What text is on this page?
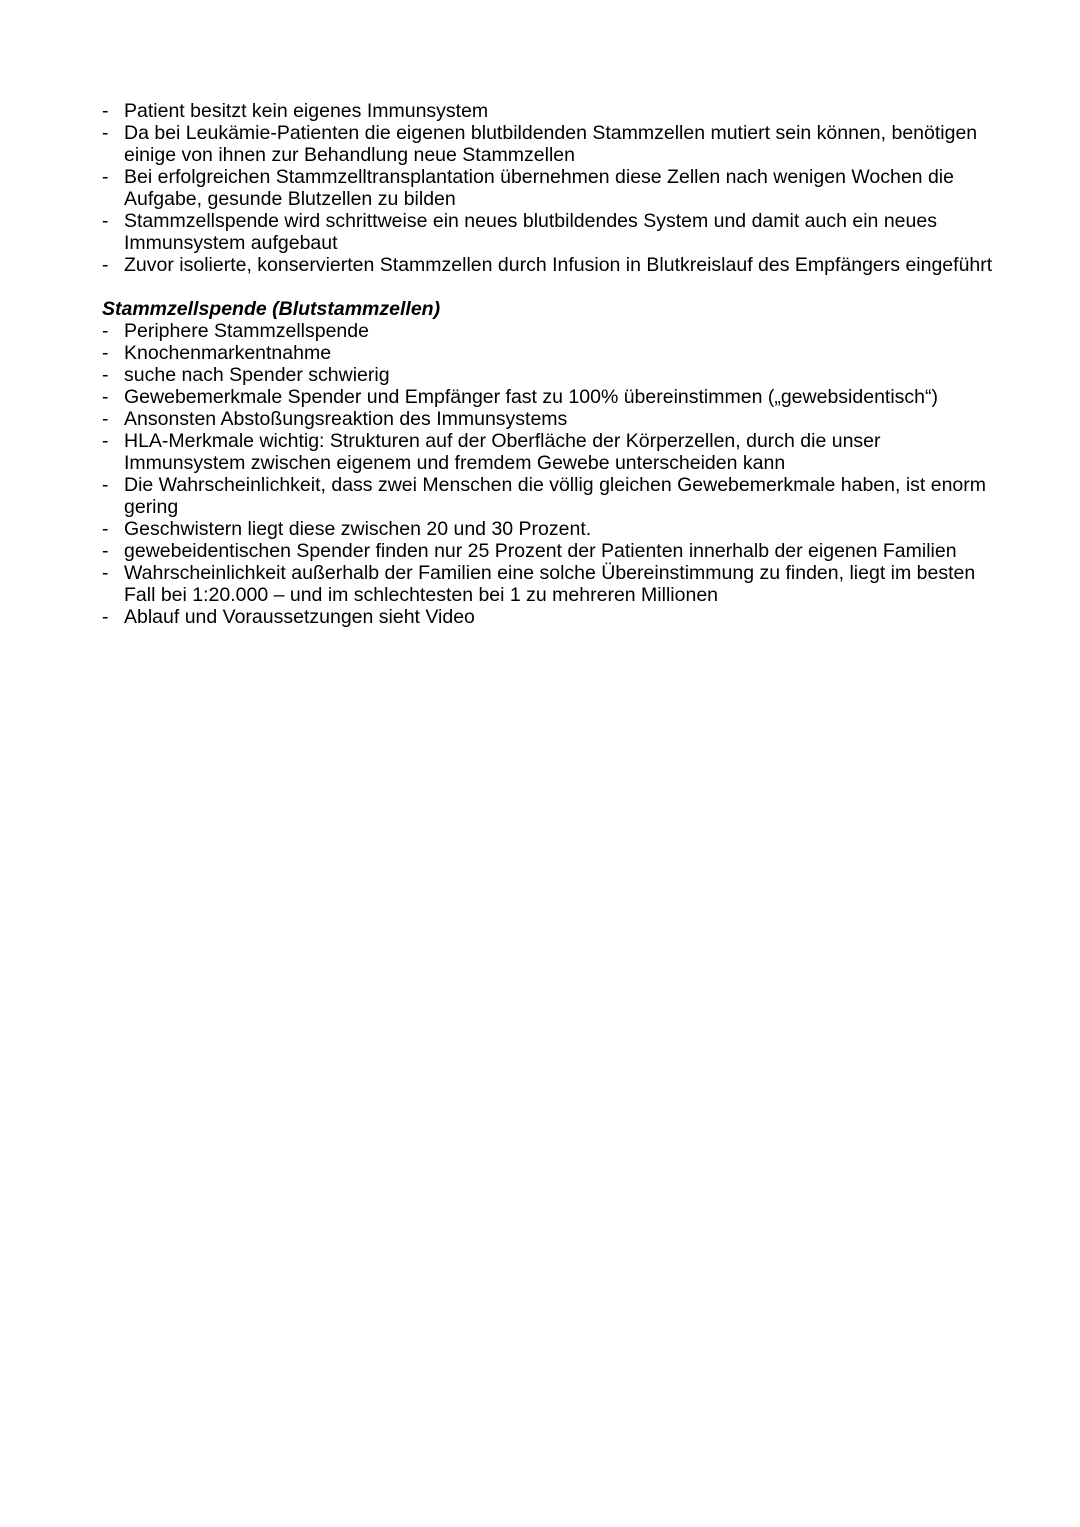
- Patient besitzt kein eigenes Immunsystem
- Da bei Leukämie-Patienten die eigenen blutbildenden Stammzellen mutiert sein können, benötigen einige von ihnen zur Behandlung neue Stammzellen
- Bei erfolgreichen Stammzelltransplantation übernehmen diese Zellen nach wenigen Wochen die Aufgabe, gesunde Blutzellen zu bilden
- Stammzellspende wird schrittweise ein neues blutbildendes System und damit auch ein neues Immunsystem aufgebaut
- Zuvor isolierte, konservierten Stammzellen durch Infusion in Blutkreislauf des Empfängers eingeführt
Stammzellspende (Blutstammzellen)
- Periphere Stammzellspende
- Knochenmarkentnahme
- suche nach Spender schwierig
- Gewebemerkmale Spender und Empfänger fast zu 100% übereinstimmen („gewebsidentisch“)
- Ansonsten Abstoßungsreaktion des Immunsystems
- HLA-Merkmale wichtig: Strukturen auf der Oberfläche der Körperzellen, durch die unser Immunsystem zwischen eigenem und fremdem Gewebe unterscheiden kann
- Die Wahrscheinlichkeit, dass zwei Menschen die völlig gleichen Gewebemerkmale haben, ist enorm gering
- Geschwistern liegt diese zwischen 20 und 30 Prozent.
- gewebeidentischen Spender finden nur 25 Prozent der Patienten innerhalb der eigenen Familien
- Wahrscheinlichkeit außerhalb der Familien eine solche Übereinstimmung zu finden, liegt im besten Fall bei 1:20.000 – und im schlechtesten bei 1 zu mehreren Millionen
- Ablauf und Voraussetzungen sieht Video
